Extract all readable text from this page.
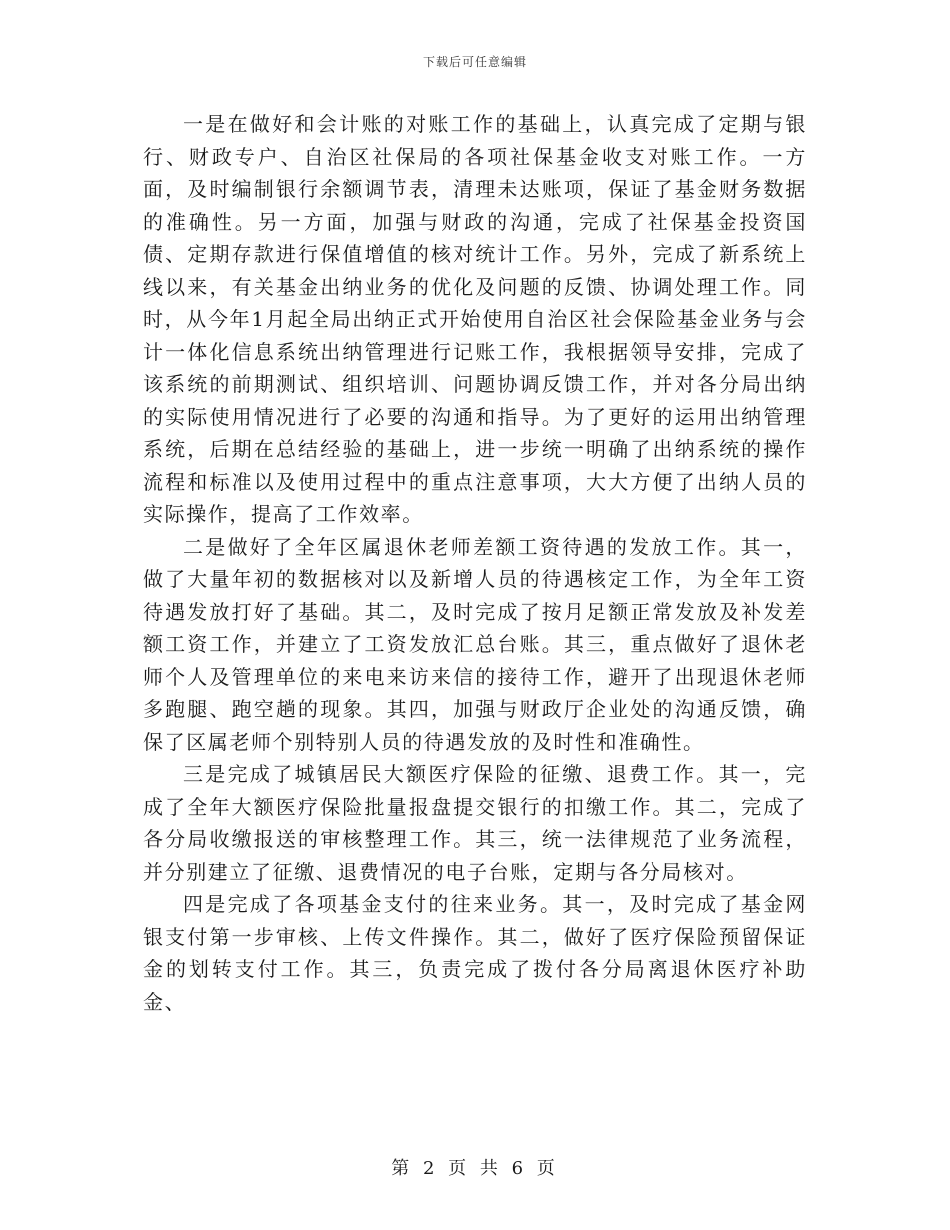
下载后可任意编辑

一是在做好和会计账的对账工作的基础上，认真完成了定期与银行、财政专户、自治区社保局的各项社保基金收支对账工作。一方面，及时编制银行余额调节表，清理未达账项，保证了基金财务数据的准确性。另一方面，加强与财政的沟通，完成了社保基金投资国债、定期存款进行保值增值的核对统计工作。另外，完成了新系统上线以来，有关基金出纳业务的优化及问题的反馈、协调处理工作。同时，从今年1月起全局出纳正式开始使用自治区社会保险基金业务与会计一体化信息系统出纳管理进行记账工作，我根据领导安排，完成了该系统的前期测试、组织培训、问题协调反馈工作，并对各分局出纳的实际使用情况进行了必要的沟通和指导。为了更好的运用出纳管理系统，后期在总结经验的基础上，进一步统一明确了出纳系统的操作流程和标准以及使用过程中的重点注意事项，大大方便了出纳人员的实际操作，提高了工作效率。

二是做好了全年区属退休老师差额工资待遇的发放工作。其一，做了大量年初的数据核对以及新增人员的待遇核定工作，为全年工资待遇发放打好了基础。其二，及时完成了按月足额正常发放及补发差额工资工作，并建立了工资发放汇总台账。其三，重点做好了退休老师个人及管理单位的来电来访来信的接待工作，避开了出现退休老师多跑腿、跑空趟的现象。其四，加强与财政厅企业处的沟通反馈，确保了区属老师个别特别人员的待遇发放的及时性和准确性。

三是完成了城镇居民大额医疗保险的征缴、退费工作。其一，完成了全年大额医疗保险批量报盘提交银行的扣缴工作。其二，完成了各分局收缴报送的审核整理工作。其三，统一法律规范了业务流程，并分别建立了征缴、退费情况的电子台账，定期与各分局核对。

四是完成了各项基金支付的往来业务。其一，及时完成了基金网银支付第一步审核、上传文件操作。其二，做好了医疗保险预留保证金的划转支付工作。其三，负责完成了拨付各分局离退休医疗补助金、

第 2 页 共 6 页
